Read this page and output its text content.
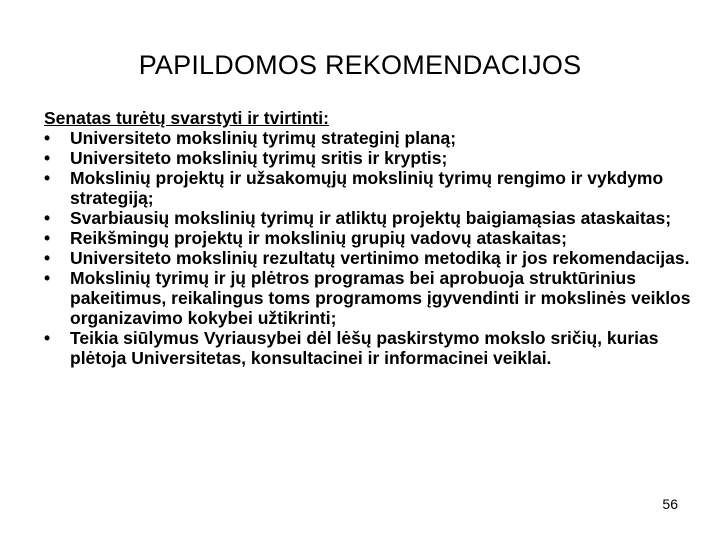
PAPILDOMOS REKOMENDACIJOS

Senatas turėtų svarstyti ir tvirtinti:

•	Universiteto mokslinių tyrimų strateginį planą;
•	Universiteto mokslinių tyrimų sritis ir kryptis;
•	Mokslinių projektų ir užsakomųjų mokslinių tyrimų rengimo ir vykdymo strategiją;
•	Svarbiausių mokslinių tyrimų ir atliktų projektų baigiamąsias ataskaitas;
•	Reikšmingų projektų ir mokslinių grupių vadovų ataskaitas;
•	Universiteto mokslinių rezultatų vertinimo metodiką ir jos rekomendacijas.
•	Mokslinių tyrimų ir jų plėtros programas bei aprobuoja struktūrinius pakeitimus, reikalingus toms programoms įgyvendinti ir mokslinės veiklos organizavimo kokybei užtikrinti;
•	Teikia siūlymus Vyriausybei dėl lėšų paskirstymo mokslo sričių, kurias plėtoja Universitetas, konsultacinei ir informacinei veiklai.
56
